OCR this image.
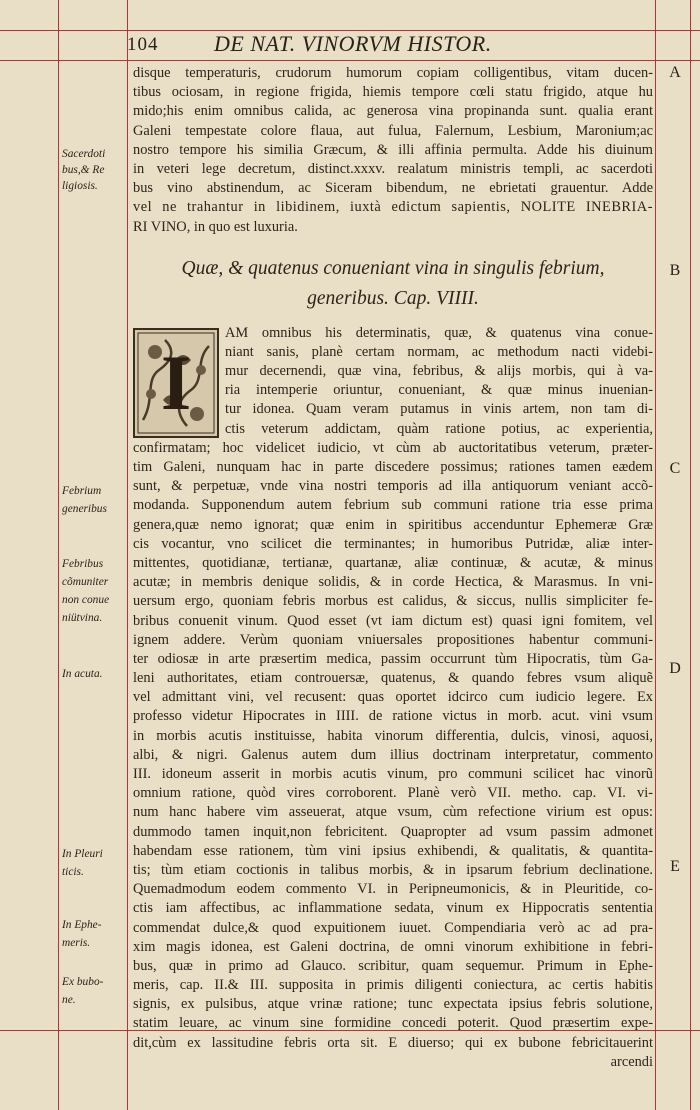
104	DE NAT. VINORVM HISTOR.
A
B
C
D
E
Sacerdoti
bus,& Re
ligiosis.
Febrium
generibus
Febribus
cõmuniter
non conue
niütvina.
In acuta.
In Pleuri
ticis.
In Ephe-
meris.
Ex bubo-
ne.
disque temperaturis, crudorum humorum copiam colligentibus, vitam ducen-
tibus ociosam, in regione frigida, hiemis tempore cœli statu frigido, atque hu
mido;his enim omnibus calida, ac generosa vina propinanda sunt. qualia erant
Galeni tempestate colore flaua, aut fulua, Falernum, Lesbium, Maronium;ac
nostro tempore his similia Græcum, & illi affinia permulta. Adde his diuinum
in veteri lege decretum, distinct.xxxv. realatum ministris templi, ac sacerdoti
bus vino abstinendum, ac Siceram bibendum, ne ebrietati grauentur. Adde
vel ne trahantur in libidinem, iuxtà edictum sapientis, NOLITE INEBRIA-
RI VINO, in quo est luxuria.
Quæ, & quatenus conueniant vina in singulis febrium,
generibus. Cap. VIIII.
I
AM omnibus his determinatis, quæ, & quatenus vina conue-
niant sanis, planè certam normam, ac methodum nacti videbi-
mur decernendi, quæ vina, febribus, & alijs morbis, qui à va-
ria intemperie oriuntur, conueniant, & quæ minus inuenian-
tur idonea. Quam veram putamus in vinis artem, non tam di-
ctis veterum addictam, quàm ratione potius, ac experientia,
confirmatam; hoc videlicet iudicio, vt cùm ab auctoritatibus veterum, præter-
tim Galeni, nunquam hac in parte discedere possimus; rationes tamen eædem
sunt, & perpetuæ, vnde vina nostri temporis ad illa antiquorum veniant accõ-
modanda. Supponendum autem febrium sub communi ratione tria esse prima
genera,quæ nemo ignorat; quæ enim in spiritibus accenduntur Ephemeræ Græ
cis vocantur, vno scilicet die terminantes; in humoribus Putridæ, aliæ inter-
mittentes, quotidianæ, tertianæ, quartanæ, aliæ continuæ, & acutæ, & minus
acutæ; in membris denique solidis, & in corde Hectica, & Marasmus. In vni-
uersum ergo, quoniam febris morbus est calidus, & siccus, nullis simpliciter fe-
bribus conuenit vinum. Quod esset (vt iam dictum est) quasi igni fomitem, vel
ignem addere. Verùm quoniam vniuersales propositiones habentur communi-
ter odiosæ in arte præsertim medica, passim occurrunt tùm Hipocratis, tùm Ga-
leni authoritates, etiam controuersæ, quatenus, & quando febres vsum aliquẽ
vel admittant vini, vel recusent: quas oportet idcirco cum iudicio legere. Ex
professo videtur Hipocrates in IIII. de ratione victus in morb. acut. vini vsum
in morbis acutis instituisse, habita vinorum differentia, dulcis, vinosi, aquosi,
albi, & nigri. Galenus autem dum illius doctrinam interpretatur, commento
III. idoneum asserit in morbis acutis vinum, pro communi scilicet hac vinorũ
omnium ratione, quòd vires corroborent. Planè verò VII. metho. cap. VI. vi-
num hanc habere vim asseuerat, atque vsum, cùm refectione virium est opus:
dummodo tamen inquit,non febricitent. Quapropter ad vsum passim admonet
habendam esse rationem, tùm vini ipsius exhibendi, & qualitatis, & quantita-
tis; tùm etiam coctionis in talibus morbis, & in ipsarum febrium declinatione.
Quemadmodum eodem commento VI. in Peripneumonicis, & in Pleuritide, co-
ctis iam affectibus, ac inflammatione sedata, vinum ex Hippocratis sententia
commendat dulce,& quod expuitionem iuuet. Compendiaria verò ac ad pra-
xim magis idonea, est Galeni doctrina, de omni vinorum exhibitione in febri-
bus, quæ in primo ad Glauco. scribitur, quam sequemur. Primum in Ephe-
meris, cap. II.& III. supposita in primis diligenti coniectura, ac certis habitis
signis, ex pulsibus, atque vrinæ ratione; tunc expectata ipsius febris solutione,
statim leuare, ac vinum sine formidine concedi poterit. Quod præsertim expe-
dit,cùm ex lassitudine febris orta sit. E diuerso; qui ex bubone febricitauerint
arcendi
